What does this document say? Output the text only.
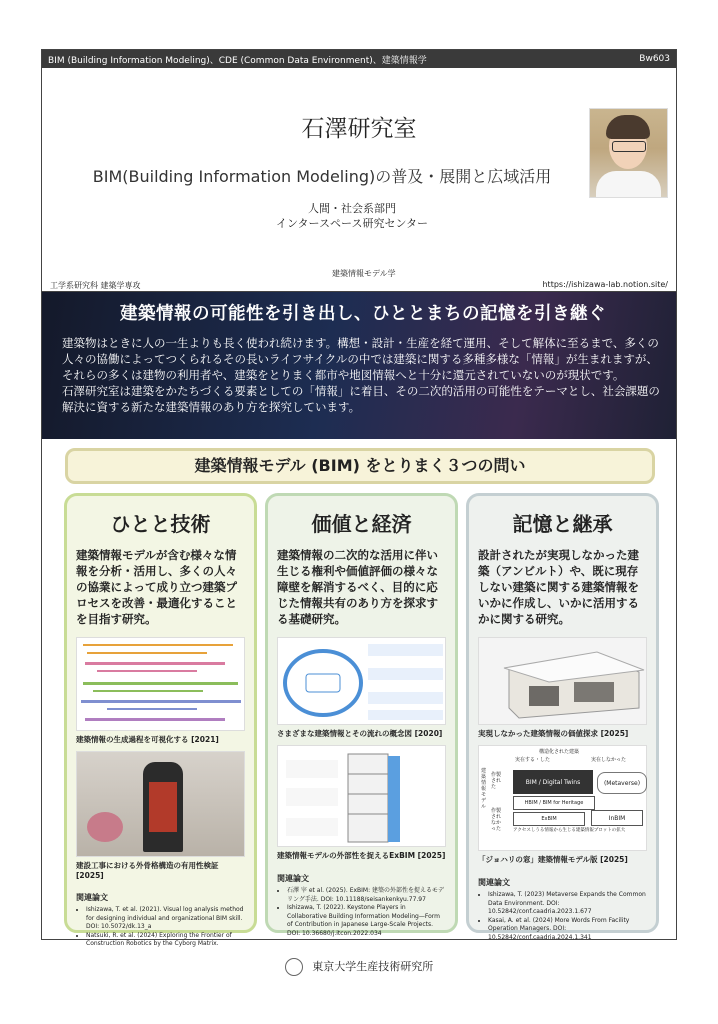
BIM (Building Information Modeling)、CDE (Common Data Environment)、建築情報学	Bw603
石澤研究室
BIM(Building Information Modeling)の普及・展開と広域活用
人間・社会系部門
インタースペース研究センター
建築情報モデル学
工学系研究科 建築学専攻	https://ishizawa-lab.notion.site/
建築情報の可能性を引き出し、ひととまちの記憶を引き継ぐ

建築物はときに人の一生よりも長く使われ続けます。構想・設計・生産を経て運用、そして解体に至るまで、多くの人々の協働によってつくられるその長いライフサイクルの中では建築に関する多種多様な「情報」が生まれますが、それらの多くは建物の利用者や、建築をとりまく都市や地図情報へと十分に還元されていないのが現状です。

石澤研究室は建築をかたちづくる要素としての「情報」に着目、その二次的活用の可能性をテーマとし、社会課題の解決に資する新たな建築情報のあり方を探究しています。

建築情報モデル (BIM) をとりまく３つの問い
ひとと技術
建築情報モデルが含む様々な情報を分析・活用し、多くの人々の協業によって成り立つ建築プロセスを改善・最適化することを目指す研究。
建築情報の生成過程を可視化する [2021]
建設工事における外骨格構造の有用性検証 [2025]
関連論文
• Ishizawa, T. et al. (2021). Visual log analysis method for designing individual and organizational BIM skill. DOI: 10.5072/dk.13_a
• Natsuki, R. et al. (2024) Exploring the Frontier of Construction Robotics by the Cyborg Matrix.
価値と経済
建築情報の二次的な活用に伴い生じる権利や価値評価の様々な障壁を解消するべく、目的に応じた情報共有のあり方を探求する基礎研究。
さまざまな建築情報とその流れの概念図 [2020]
建築情報モデルの外部性を捉えるExBIM [2025]
関連論文
• 石澤 宰 et al. (2025). ExBIM: 建築の外部性を捉えるモデリング手法. DOI: 10.11188/seisankenkyu.77.97
• Ishizawa, T. (2022). Keystone Players in Collaborative Building Information Modeling—Form of Contribution in Japanese Large-Scale Projects. DOI: 10.36680/j.itcon.2022.034
記憶と継承
設計されたが実現しなかった建築（アンビルト）や、既に現存しない建築に関する建築情報をいかに作成し、いかに活用するかに関する研究。
実現しなかった建築情報の価値探求 [2025]
構造化された建築
実在する・した	実在しなかった
建築情報モデル
作製された
作製されなかった
BIM / Digital Twins	(Metaverse)
HBIM / BIM for Heritage
ExBIM	InBIM
アクセスしうる情報から生じる建築情報プロットの拡大
「ジョハリの窓」建築情報モデル版 [2025]
関連論文
• Ishizawa, T. (2023) Metaverse Expands the Common Data Environment. DOI: 10.52842/conf.caadria.2023.1.677
• Kasai, A. et al. (2024) More Words From Facility Operation Managers. DOI: 10.52842/conf.caadria.2024.1.341
東京大学生産技術研究所
